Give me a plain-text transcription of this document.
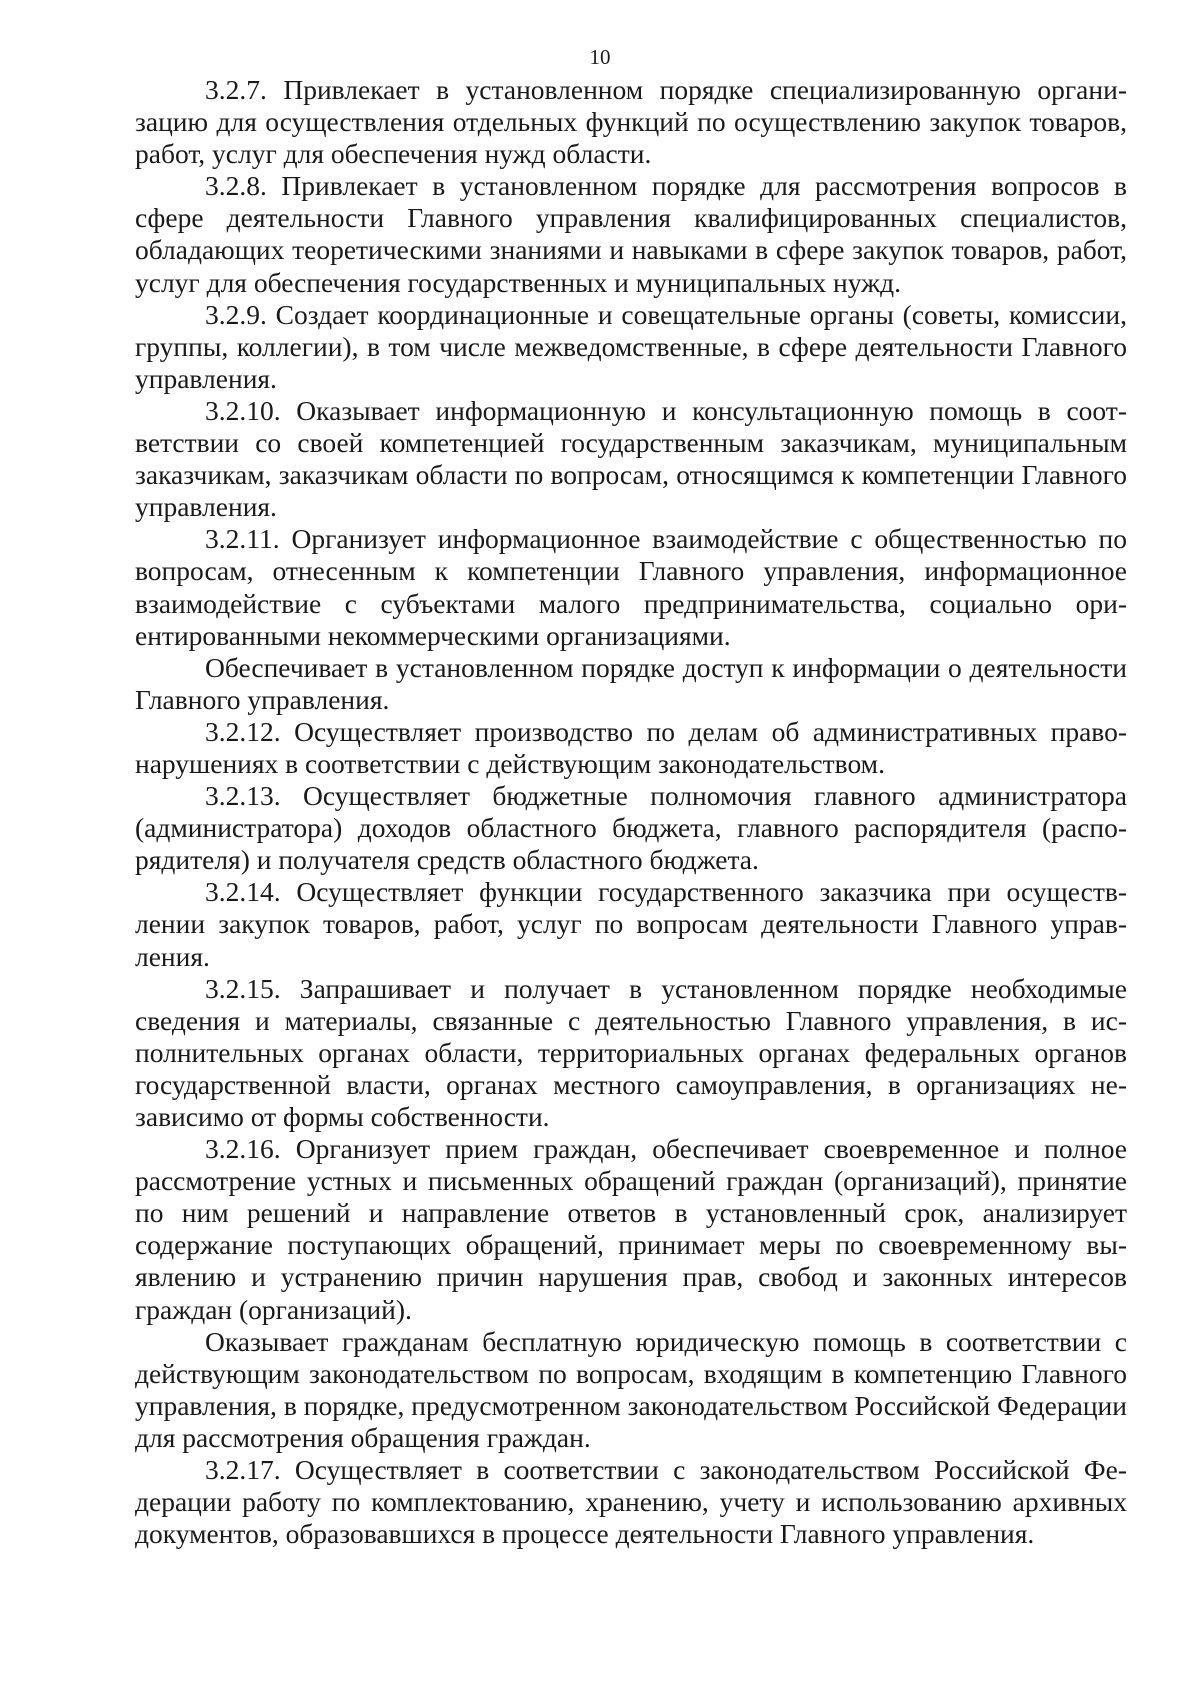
10

3.2.7. Привлекает в установленном порядке специализированную организацию для осуществления отдельных функций по осуществлению закупок товаров, работ, услуг для обеспечения нужд области.

3.2.8. Привлекает в установленном порядке для рассмотрения вопросов в сфере деятельности Главного управления квалифицированных специалистов, обладающих теоретическими знаниями и навыками в сфере закупок товаров, работ, услуг для обеспечения государственных и муниципальных нужд.

3.2.9. Создает координационные и совещательные органы (советы, комиссии, группы, коллегии), в том числе межведомственные, в сфере деятельности Главного управления.

3.2.10. Оказывает информационную и консультационную помощь в соответствии со своей компетенцией государственным заказчикам, муниципальным заказчикам, заказчикам области по вопросам, относящимся к компетенции Главного управления.

3.2.11. Организует информационное взаимодействие с общественностью по вопросам, отнесенным к компетенции Главного управления, информационное взаимодействие с субъектами малого предпринимательства, социально ориентированными некоммерческими организациями.

Обеспечивает в установленном порядке доступ к информации о деятельности Главного управления.

3.2.12. Осуществляет производство по делам об административных правонарушениях в соответствии с действующим законодательством.

3.2.13. Осуществляет бюджетные полномочия главного администратора (администратора) доходов областного бюджета, главного распорядителя (распорядителя) и получателя средств областного бюджета.

3.2.14. Осуществляет функции государственного заказчика при осуществлении закупок товаров, работ, услуг по вопросам деятельности Главного управления.

3.2.15. Запрашивает и получает в установленном порядке необходимые сведения и материалы, связанные с деятельностью Главного управления, в исполнительных органах области, территориальных органах федеральных органов государственной власти, органах местного самоуправления, в организациях независимо от формы собственности.

3.2.16. Организует прием граждан, обеспечивает своевременное и полное рассмотрение устных и письменных обращений граждан (организаций), принятие по ним решений и направление ответов в установленный срок, анализирует содержание поступающих обращений, принимает меры по своевременному выявлению и устранению причин нарушения прав, свобод и законных интересов граждан (организаций).

Оказывает гражданам бесплатную юридическую помощь в соответствии с действующим законодательством по вопросам, входящим в компетенцию Главного управления, в порядке, предусмотренном законодательством Российской Федерации для рассмотрения обращения граждан.

3.2.17. Осуществляет в соответствии с законодательством Российской Федерации работу по комплектованию, хранению, учету и использованию архивных документов, образовавшихся в процессе деятельности Главного управления.
